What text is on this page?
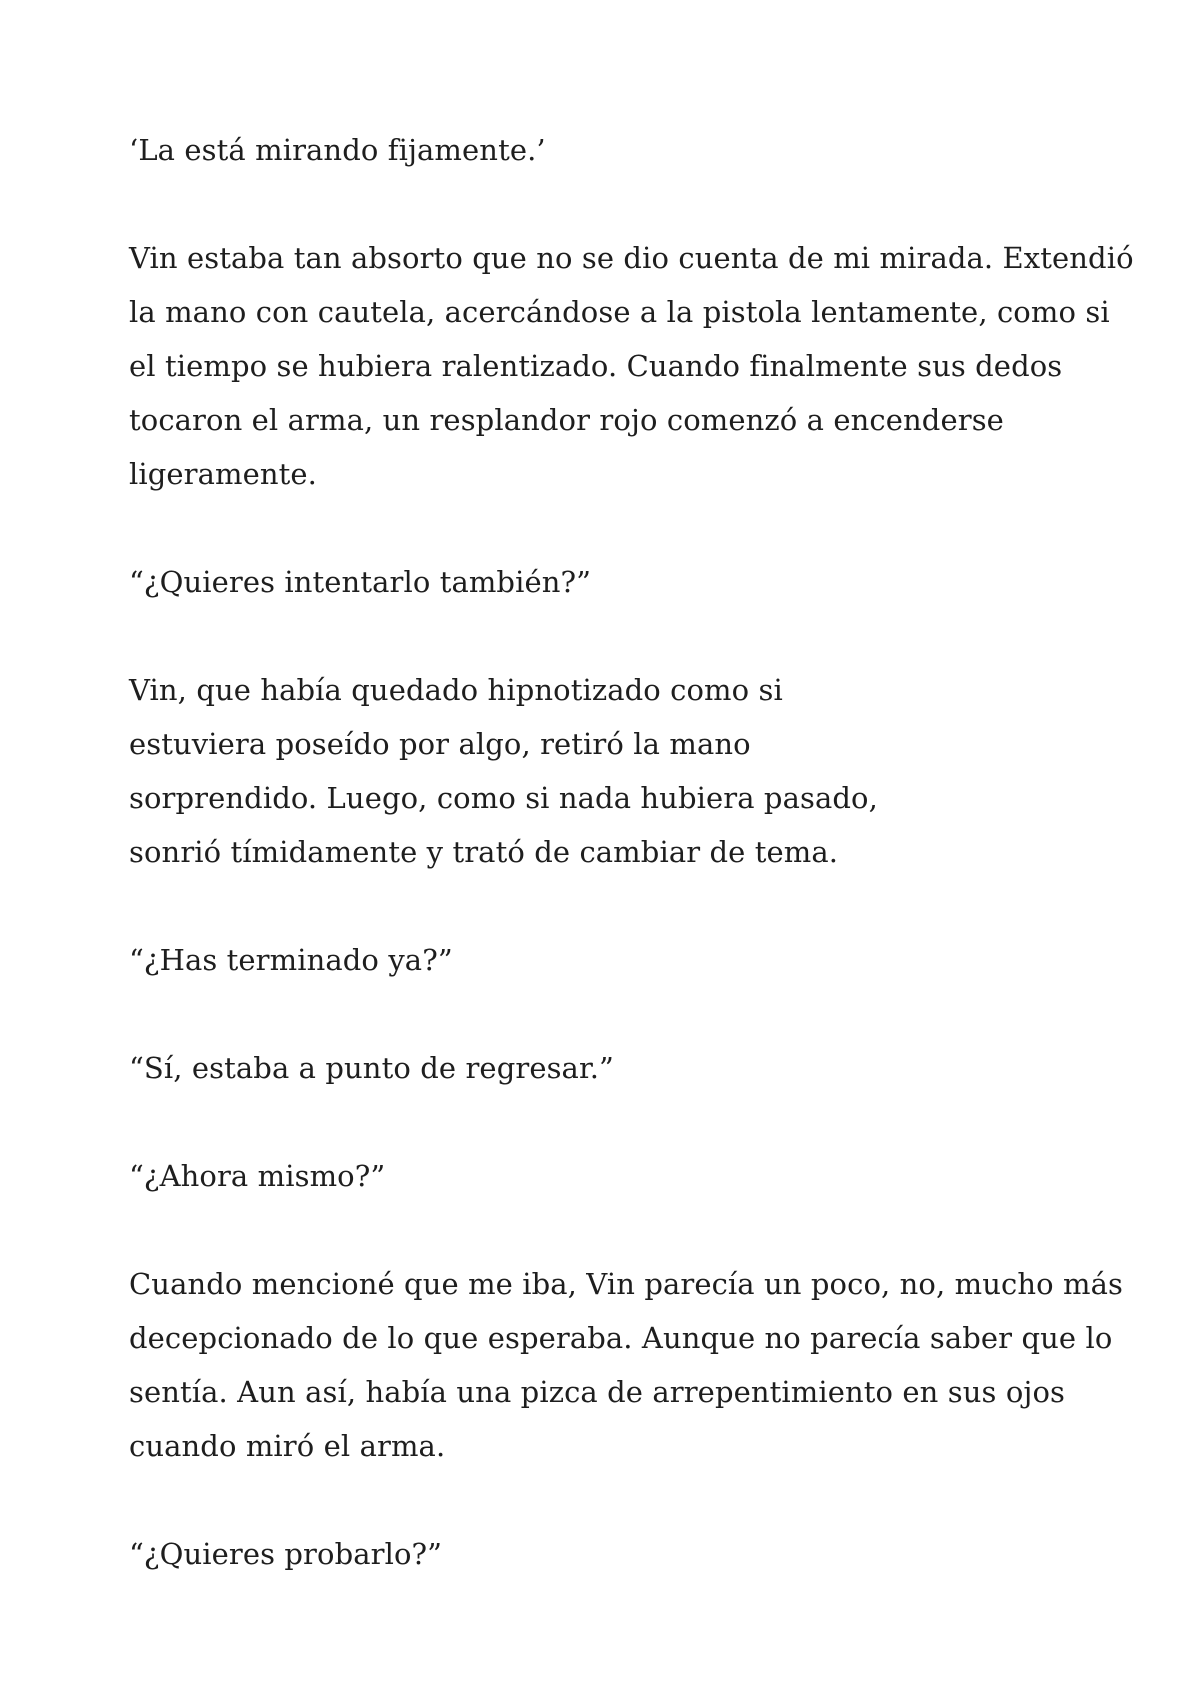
‘La está mirando fijamente.’

Vin estaba tan absorto que no se dio cuenta de mi mirada. Extendió
la mano con cautela, acercándose a la pistola lentamente, como si
el tiempo se hubiera ralentizado. Cuando finalmente sus dedos
tocaron el arma, un resplandor rojo comenzó a encenderse
ligeramente.

“¿Quieres intentarlo también?”

Vin, que había quedado hipnotizado como si
estuviera poseído por algo, retiró la mano
sorprendido. Luego, como si nada hubiera pasado,
sonrió tímidamente y trató de cambiar de tema.

“¿Has terminado ya?”

“Sí, estaba a punto de regresar.”

“¿Ahora mismo?”

Cuando mencioné que me iba, Vin parecía un poco, no, mucho más
decepcionado de lo que esperaba. Aunque no parecía saber que lo
sentía. Aun así, había una pizca de arrepentimiento en sus ojos
cuando miró el arma.

“¿Quieres probarlo?”
